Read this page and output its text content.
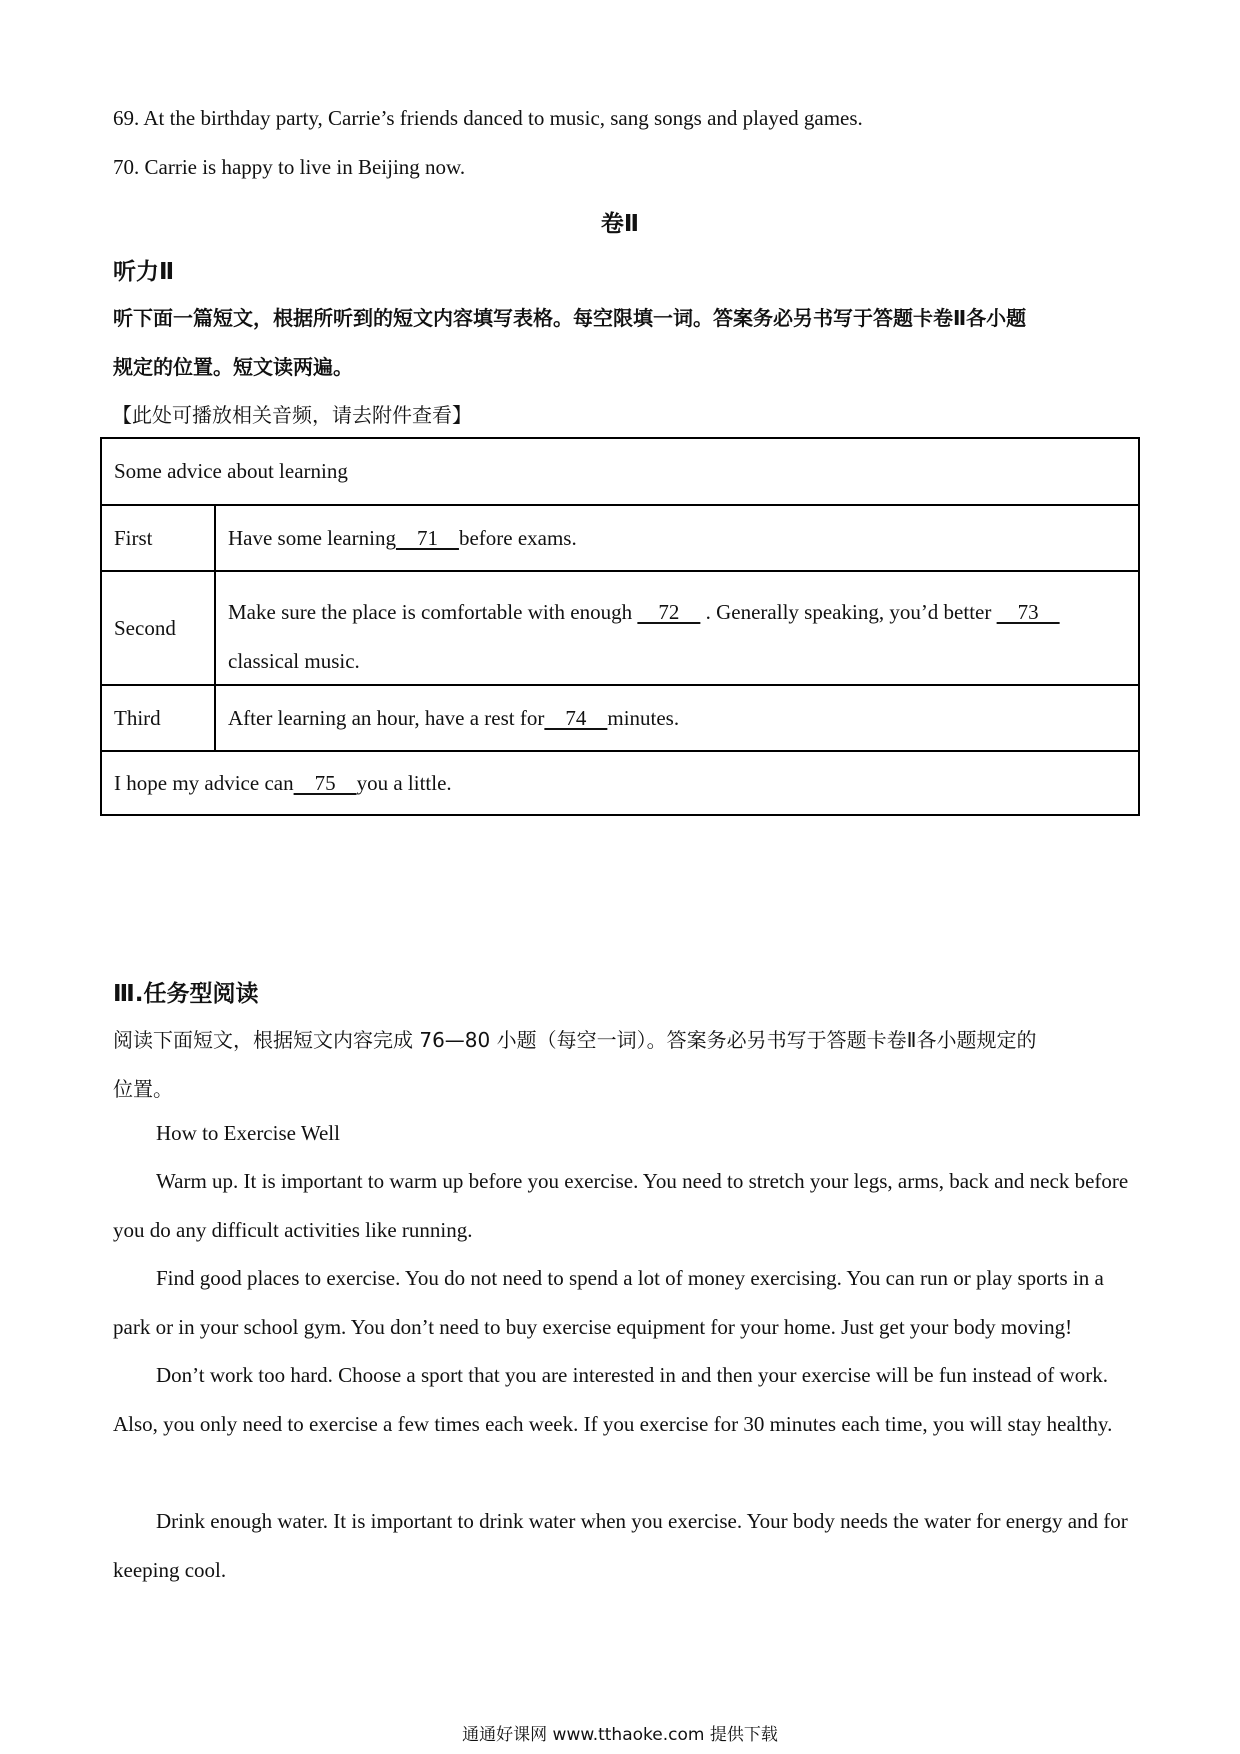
69. At the birthday party, Carrie’s friends danced to music, sang songs and played games.
70. Carrie is happy to live in Beijing now.
卷Ⅱ
听力Ⅱ
听下面一篇短文，根据所听到的短文内容填写表格。每空限填一词。答案务必另书写于答题卡卷Ⅱ各小题
规定的位置。短文读两遍。
【此处可播放相关音频，请去附件查看】
Some advice about learning
First	Have some learning 71 before exams.
Second
Make sure the place is comfortable with enough     72     . Generally speaking, you’d better     73
classical music.
Third	After learning an hour, have a rest for 74 minutes.
I hope my advice can 75 you a little.
Ⅲ.任务型阅读
阅读下面短文，根据短文内容完成 76—80 小题（每空一词）。答案务必另书写于答题卡卷Ⅱ各小题规定的
位置。
How to Exercise Well
Warm up. It is important to warm up before you exercise. You need to stretch your legs, arms, back and neck before you do any difficult activities like running.
Find good places to exercise. You do not need to spend a lot of money exercising. You can run or play sports in a park or in your school gym. You don’t need to buy exercise equipment for your home. Just get your body moving!
Don’t work too hard. Choose a sport that you are interested in and then your exercise will be fun instead of work. Also, you only need to exercise a few times each week. If you exercise for 30 minutes each time, you will stay healthy.
Drink enough water. It is important to drink water when you exercise. Your body needs the water for energy and for keeping cool.
通通好课网 www.tthaoke.com 提供下载
